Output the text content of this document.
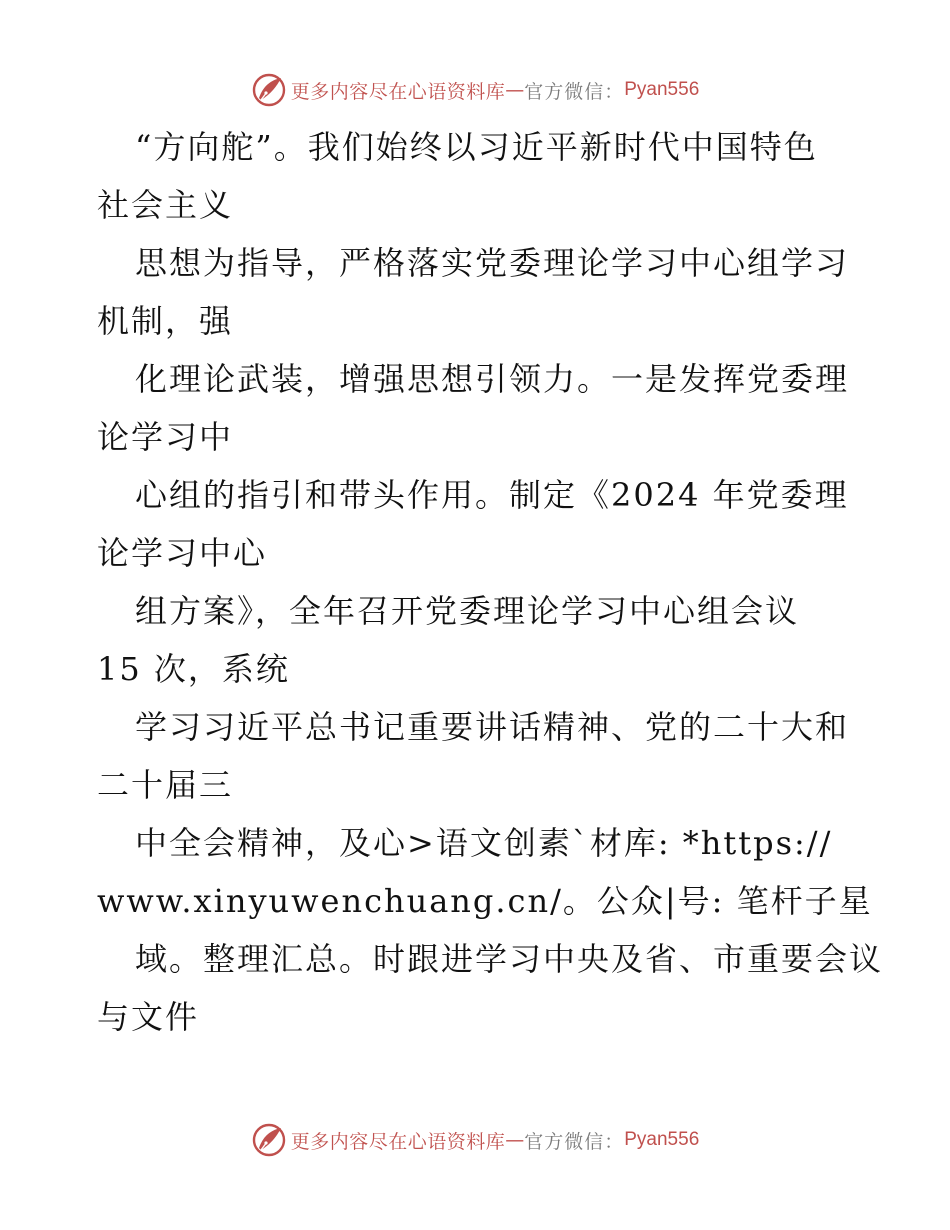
更多内容尽在心语资料库 — 官方微信： Pyan556
“方向舵”。我们始终以习近平新时代中国特色
社会主义
思想为指导，严格落实党委理论学习中心组学习
机制，强
化理论武装，增强思想引领力。一是发挥党委理
论学习中
心组的指引和带头作用。制定《2024 年党委理
论学习中心
组方案》，全年召开党委理论学习中心组会议
15 次，系统
学习习近平总书记重要讲话精神、党的二十大和
二十届三
中全会精神，及心>语文创素`材库: *https://
www.xinyuwenchuang.cn/。公众|号: 笔杆子星
域。整理汇总。时跟进学习中央及省、市重要会议
与文件
更多内容尽在心语资料库 — 官方微信： Pyan556
